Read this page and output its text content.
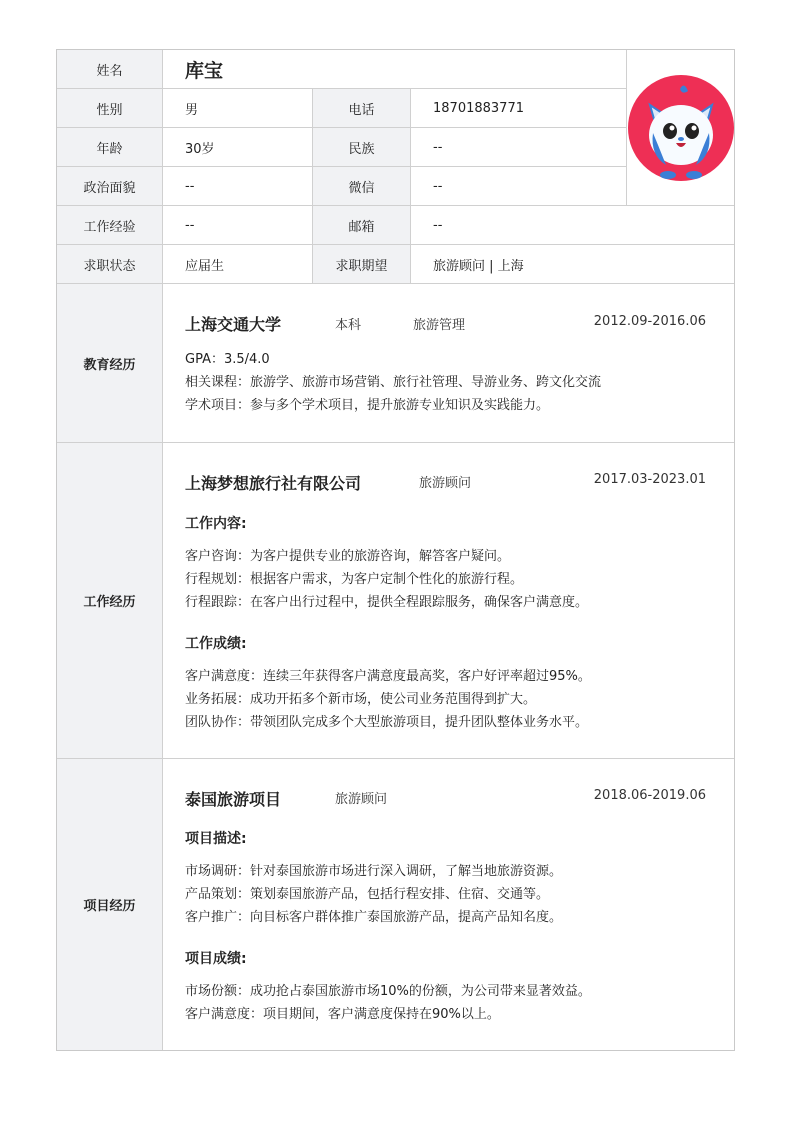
姓名	库宝
性别	男	电话	18701883771
年龄	30岁	民族	--
政治面貌	--	微信	--
工作经验	--	邮箱	--
求职状态	应届生	求职期望	旅游顾问 | 上海
教育经历
上海交通大学	本科	旅游管理	2012.09-2016.06
GPA：3.5/4.0
相关课程：旅游学、旅游市场营销、旅行社管理、导游业务、跨文化交流
学术项目：参与多个学术项目，提升旅游专业知识及实践能力。
工作经历
上海梦想旅行社有限公司	旅游顾问	2017.03-2023.01
工作内容:
客户咨询：为客户提供专业的旅游咨询，解答客户疑问。
行程规划：根据客户需求，为客户定制个性化的旅游行程。
行程跟踪：在客户出行过程中，提供全程跟踪服务，确保客户满意度。
工作成绩:
客户满意度：连续三年获得客户满意度最高奖，客户好评率超过95%。
业务拓展：成功开拓多个新市场，使公司业务范围得到扩大。
团队协作：带领团队完成多个大型旅游项目，提升团队整体业务水平。
项目经历
泰国旅游项目	旅游顾问	2018.06-2019.06
项目描述:
市场调研：针对泰国旅游市场进行深入调研，了解当地旅游资源。
产品策划：策划泰国旅游产品，包括行程安排、住宿、交通等。
客户推广：向目标客户群体推广泰国旅游产品，提高产品知名度。
项目成绩:
市场份额：成功抢占泰国旅游市场10%的份额，为公司带来显著效益。
客户满意度：项目期间，客户满意度保持在90%以上。
